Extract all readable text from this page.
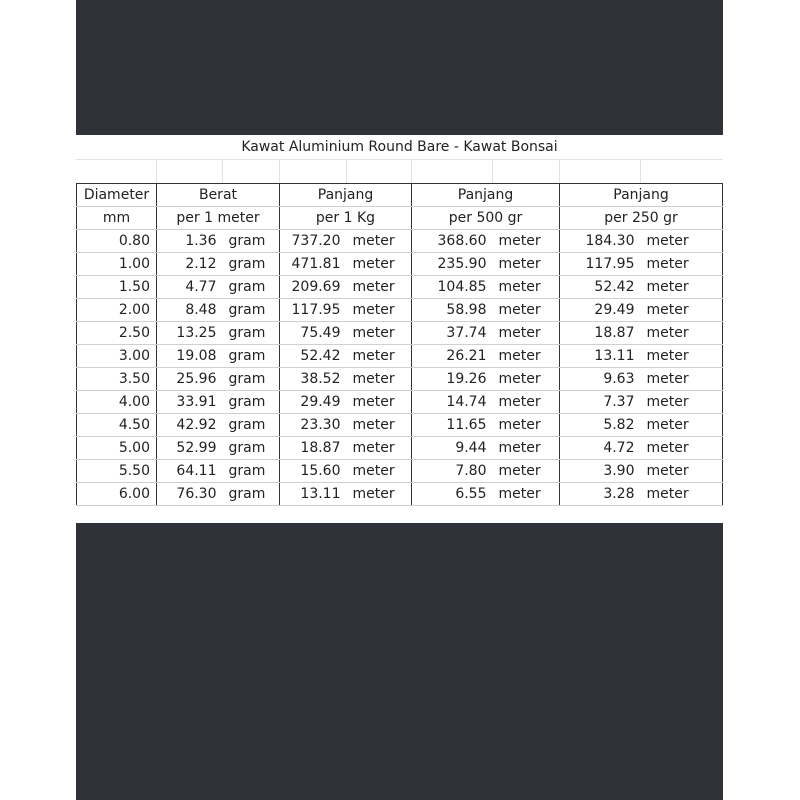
Kawat Aluminium Round Bare - Kawat Bonsai
Diameter	Berat		Panjang		Panjang		Panjang	
mm	per 1 meter		per 1 Kg		per 500 gr		per 250 gr	
0.80	1.36	gram	737.20	meter	368.60	meter	184.30	meter
1.00	2.12	gram	471.81	meter	235.90	meter	117.95	meter
1.50	4.77	gram	209.69	meter	104.85	meter	52.42	meter
2.00	8.48	gram	117.95	meter	58.98	meter	29.49	meter
2.50	13.25	gram	75.49	meter	37.74	meter	18.87	meter
3.00	19.08	gram	52.42	meter	26.21	meter	13.11	meter
3.50	25.96	gram	38.52	meter	19.26	meter	9.63	meter
4.00	33.91	gram	29.49	meter	14.74	meter	7.37	meter
4.50	42.92	gram	23.30	meter	11.65	meter	5.82	meter
5.00	52.99	gram	18.87	meter	9.44	meter	4.72	meter
5.50	64.11	gram	15.60	meter	7.80	meter	3.90	meter
6.00	76.30	gram	13.11	meter	6.55	meter	3.28	meter
